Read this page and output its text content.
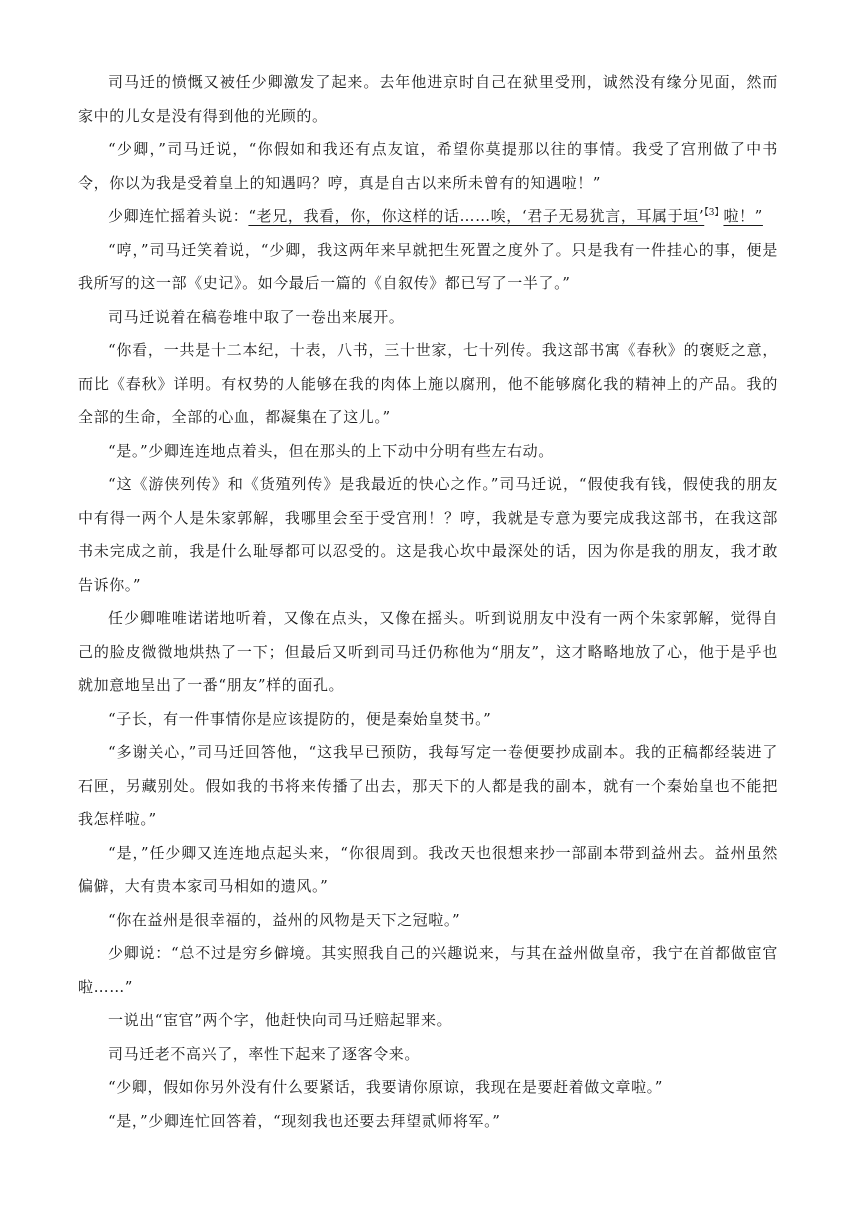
司马迁的愤慨又被任少卿激发了起来。去年他进京时自己在狱里受刑，诚然没有缘分见面，然而家中的儿女是没有得到他的光顾的。

“少卿，”司马迁说，“你假如和我还有点友谊，希望你莫提那以往的事情。我受了宫刑做了中书令，你以为我是受着皇上的知遇吗？哼，真是自古以来所未曾有的知遇啦！”

少卿连忙摇着头说：“老兄，我看，你，你这样的话……唉，‘君子无易犹言，耳属于垣’$^{【3】}$啦！”

“哼，”司马迁笑着说，“少卿，我这两年来早就把生死置之度外了。只是我有一件挂心的事，便是我所写的这一部《史记》。如今最后一篇的《自叙传》都已写了一半了。”

司马迁说着在稿卷堆中取了一卷出来展开。

“你看，一共是十二本纪，十表，八书，三十世家，七十列传。我这部书寓《春秋》的褒贬之意，而比《春秋》详明。有权势的人能够在我的肉体上施以腐刑，他不能够腐化我的精神上的产品。我的全部的生命，全部的心血，都凝集在了这儿。”

“是。”少卿连连地点着头，但在那头的上下动中分明有些左右动。

“这《游侠列传》和《货殖列传》是我最近的快心之作。”司马迁说，“假使我有钱，假使我的朋友中有得一两个人是朱家郭解，我哪里会至于受宫刑！？哼，我就是专意为要完成我这部书，在我这部书未完成之前，我是什么耻辱都可以忍受的。这是我心坎中最深处的话，因为你是我的朋友，我才敢告诉你。”

任少卿唯唯诺诺地听着，又像在点头，又像在摇头。听到说朋友中没有一两个朱家郭解，觉得自己的脸皮微微地烘热了一下；但最后又听到司马迁仍称他为“朋友”，这才略略地放了心，他于是乎也就加意地呈出了一番“朋友”样的面孔。

“子长，有一件事情你是应该提防的，便是秦始皇焚书。”

“多谢关心，”司马迁回答他，“这我早已预防，我每写定一卷便要抄成副本。我的正稿都经装进了石匣，另藏别处。假如我的书将来传播了出去，那天下的人都是我的副本，就有一个秦始皇也不能把我怎样啦。”

“是，”任少卿又连连地点起头来，“你很周到。我改天也很想来抄一部副本带到益州去。益州虽然偏僻，大有贵本家司马相如的遗风。”

“你在益州是很幸福的，益州的风物是天下之冠啦。”

少卿说：“总不过是穷乡僻境。其实照我自己的兴趣说来，与其在益州做皇帝，我宁在首都做宦官啦……”

一说出“宦官”两个字，他赶快向司马迁赔起罪来。

司马迁老不高兴了，率性下起来了逐客令来。

“少卿，假如你另外没有什么要紧话，我要请你原谅，我现在是要赶着做文章啦。”

“是，”少卿连忙回答着，“现刻我也还要去拜望贰师将军。”
